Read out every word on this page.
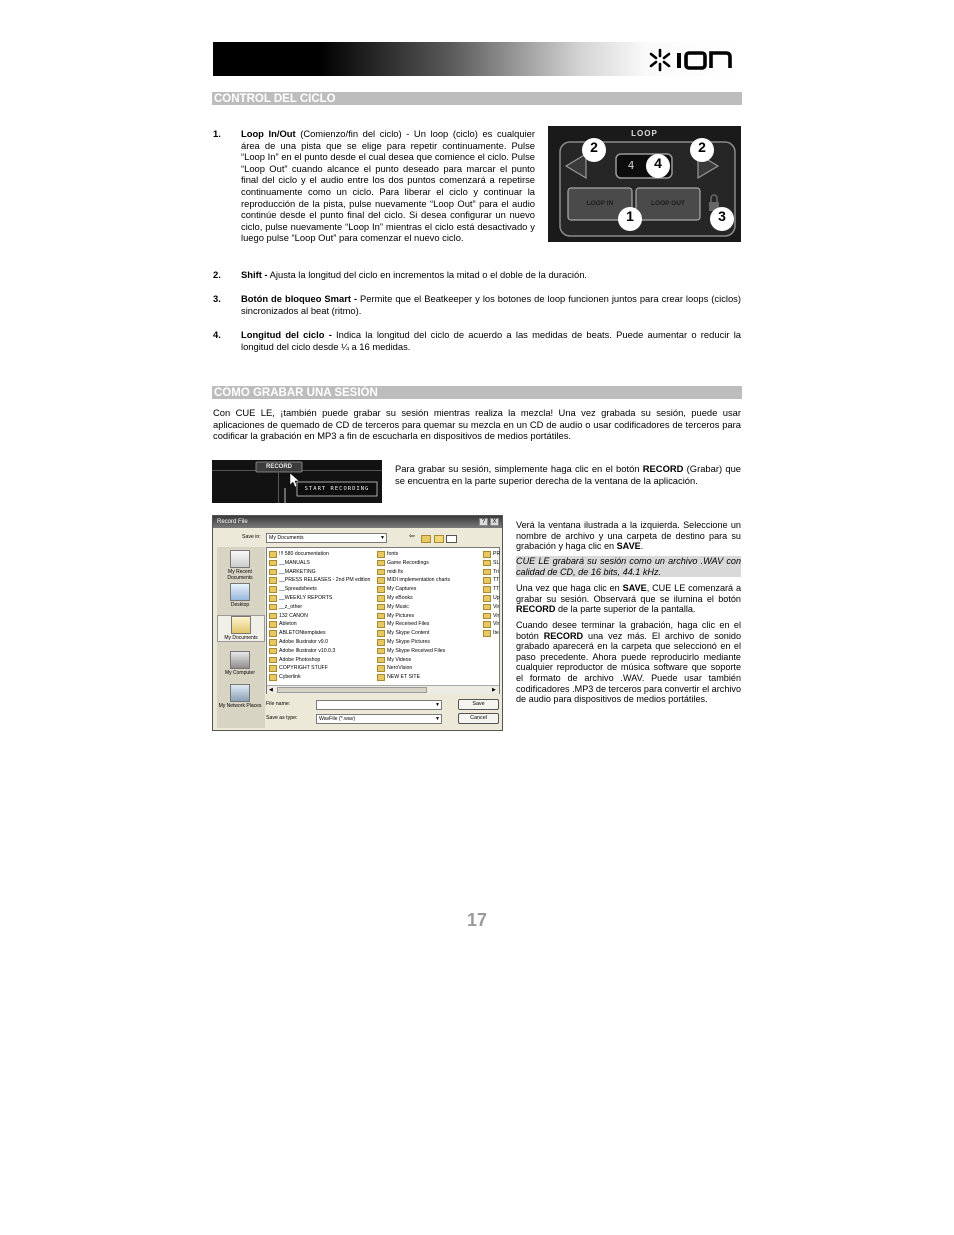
CONTROL DEL CICLO
1. Loop In/Out (Comienzo/fin del ciclo) - Un loop (ciclo) es cualquier área de una pista que se elige para repetir continuamente. Pulse “Loop In” en el punto desde el cual desea que comience el ciclo. Pulse “Loop Out” cuando alcance el punto deseado para marcar el punto final del ciclo y el audio entre los dos puntos comenzará a repetirse continuamente como un ciclo. Para liberar el ciclo y continuar la reproducción de la pista, pulse nuevamente “Loop Out” para el audio continúe desde el punto final del ciclo. Si desea configurar un nuevo ciclo, pulse nuevamente “Loop In” mientras el ciclo está desactivado y luego pulse “Loop Out” para comenzar el nuevo ciclo.
LOOP
4
LOOP IN	LOOP OUT
1
2	2
3
4
2. Shift - Ajusta la longitud del ciclo en incrementos la mitad o el doble de la duración.
3. Botón de bloqueo Smart - Permite que el Beatkeeper y los botones de loop funcionen juntos para crear loops (ciclos) sincronizados al beat (ritmo).
4. Longitud del ciclo - Indica la longitud del ciclo de acuerdo a las medidas de beats. Puede aumentar o reducir la longitud del ciclo desde ¼ a 16 medidas.
CÓMO GRABAR UNA SESIÓN
Con CUE LE, ¡también puede grabar su sesión mientras realiza la mezcla! Una vez grabada su sesión, puede usar aplicaciones de quemado de CD de terceros para quemar su mezcla en un CD de audio o usar codificadores de terceros para codificar la grabación en MP3 a fin de escucharla en dispositivos de medios portátiles.
RECORD
START RECORDING
Para grabar su sesión, simplemente haga clic en el botón RECORD (Grabar) que se encuentra en la parte superior derecha de la ventana de la aplicación.
Record File	?	X
Save in:	My Documents	▼	⇦
My Recent Documents
Desktop
My Documents
My Computer
My Network Places
!!! 580 documentation
__MANUALS
__MARKETING
__PRESS RELEASES - 2nd PM edition
__Spreadsheets
__WEEKLY REPORTS
__z_other
132 CANON
Ableton
ABLETONtemplates
Adobe Illustrator v9.0
Adobe Illustrator v10.0.3
Adobe Photoshop
COPYRIGHT STUFF
Cyberlink
fonts
Game Recordings
midi fix
MIDI implementation charts
My Captures
My eBooks
My Music
My Pictures
My Received Files
My Skype Content
My Skype Pictures
My Skype Received Files
My Videos
NeroVision
NEW ET SITE
PR
SL
Tri
TT
TT
Up
Vir
Vir
Vir
Ite
◀	▶
File name:	▼
Save as type:	WavFile (*.wav)	▼
Save
Cancel
Verá la ventana ilustrada a la izquierda. Seleccione un nombre de archivo y una carpeta de destino para su grabación y haga clic en SAVE.
CUE LE grabará su sesión como un archivo .WAV con calidad de CD, de 16 bits, 44.1 kHz.
Una vez que haga clic en SAVE, CUE LE comenzará a grabar su sesión. Observará que se ilumina el botón RECORD de la parte superior de la pantalla.
Cuando desee terminar la grabación, haga clic en el botón RECORD una vez más. El archivo de sonido grabado aparecerá en la carpeta que seleccionó en el paso precedente. Ahora puede reproducirlo mediante cualquier reproductor de música software que soporte el formato de archivo .WAV. Puede usar también codificadores .MP3 de terceros para convertir el archivo de audio para dispositivos de medios portátiles.
17
